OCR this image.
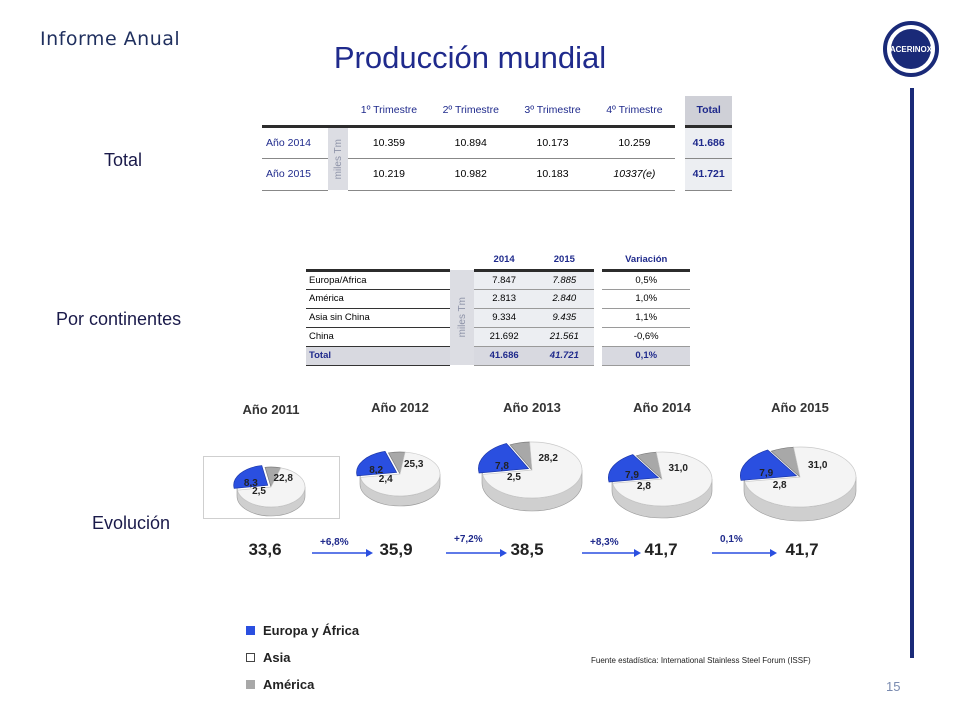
Informe Anual
Producción mundial	ACERINOX
Total
Por continentes
Evolución
		1º Trimestre	2º Trimestre	3º Trimestre	4º Trimestre		Total
Año 2014	miles Tm	10.359	10.894	10.173	10.259		41.686
Año 2015		10.219	10.982	10.183	10337(e)		41.721
		2014	2015		Variación
Europa/Africa	miles Tm	7.847	7.885		0,5%
América		2.813	2.840		1,0%
Asia sin China		9.334	9.435		1,1%
China		21.692	21.561		-0,6%
Total		41.686	41.721		0,1%
Año 2011
8,3
2,5
22,8
33,6
Año 2012
8,2
2,4
25,3
35,9
Año 2013
7,8
2,5
28,2
38,5
Año 2014
7,9
2,8
31,0
41,7
Año 2015
7,9
2,8
31,0
41,7
+6,8%	+7,2%	+8,3%	0,1%
Europa y África
Asia
América
Fuente estadística: International Stainless Steel Forum (ISSF)
15
